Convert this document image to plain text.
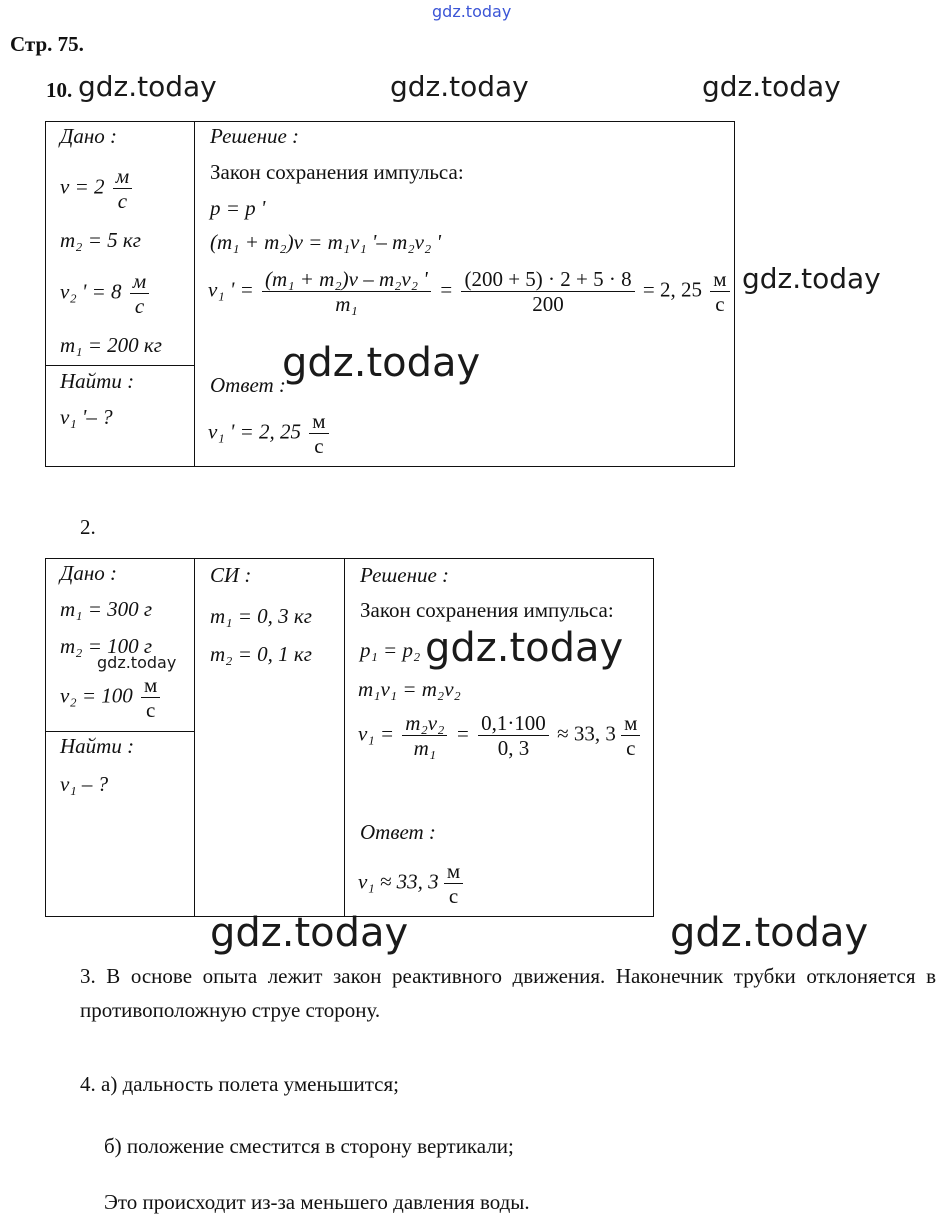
gdz.today
gdz.today	gdz.today	gdz.today
gdz.today
gdz.today
gdz.today
gdz.today
gdz.today	gdz.today
Стр. 75.
10.
Дано :
$v = 2 \frac{м}{с}$
m₂ = 5 кг
v₂ ' = $8 \frac{м}{с}$
m₁ = 200 кг
Найти :
v₁ '– ?
Решение :
Закон сохранения импульса:
p = p '
(m₁ + m₂)v = m₁v₁ '– m₂v₂ '
v₁ ' = $\frac{\text{(m₁ + m₂)v – m₂v₂ '}}{\text{m₁}} = \frac{(200 + 5) \cdot 2 + 5 \cdot 8}{200} = 2$, $25 \frac{м}{с}$
Ответ :
v₁ ' = 2, $25 \frac{м}{с}$
2.
Дано :
m₁ = 300 г
m₂ = 100 г
$v_2 = 100 \frac{м}{с}$
Найти :
v₁ – ?
СИ :
m₁ = 0, 3 кг
m₂ = 0, 1 кг
Решение :
Закон сохранения импульса:
p₁ = p₂
m₁v₁ = m₂v₂
$v_1 = \frac{\text{m₂v₂}}{\text{m₁}} = \frac{0,1\cdot 100}{0, 3} \approx 33$, $3 \frac{м}{с}$
Ответ :
v₁ ≈ 33, $3 \frac{м}{с}$
3. В основе опыта лежит закон реактивного движения. Наконечник трубки отклоняется в противоположную струе сторону.
4. а) дальность полета уменьшится;
б) положение сместится в сторону вертикали;
Это происходит из-за меньшего давления воды.
